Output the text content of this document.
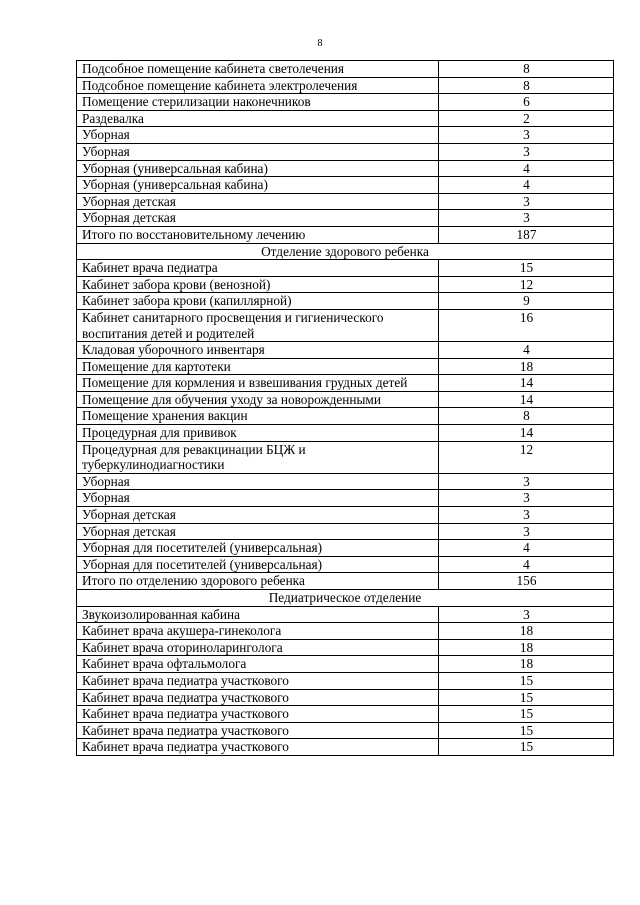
8
Подсобное помещение кабинета светолечения	8
Подсобное помещение кабинета электролечения	8
Помещение стерилизации наконечников	6
Раздевалка	2
Уборная	3
Уборная	3
Уборная (универсальная кабина)	4
Уборная (универсальная кабина)	4
Уборная детская	3
Уборная детская	3
Итого по восстановительному лечению	187
Отделение здорового ребенка	
Кабинет врача педиатра	15
Кабинет забора крови (венозной)	12
Кабинет забора крови (капиллярной)	9
Кабинет санитарного просвещения и гигиенического воспитания детей и родителей	16
Кладовая уборочного инвентаря	4
Помещение для картотеки	18
Помещение для кормления и взвешивания грудных детей	14
Помещение для обучения уходу за новорожденными	14
Помещение хранения вакцин	8
Процедурная для прививок	14
Процедурная для ревакцинации БЦЖ и туберкулинодиагностики	12
Уборная	3
Уборная	3
Уборная детская	3
Уборная детская	3
Уборная для посетителей (универсальная)	4
Уборная для посетителей (универсальная)	4
Итого по отделению здорового ребенка	156
Педиатрическое отделение	
Звукоизолированная кабина	3
Кабинет врача акушера-гинеколога	18
Кабинет врача оториноларинголога	18
Кабинет врача офтальмолога	18
Кабинет врача педиатра участкового	15
Кабинет врача педиатра участкового	15
Кабинет врача педиатра участкового	15
Кабинет врача педиатра участкового	15
Кабинет врача педиатра участкового	15
